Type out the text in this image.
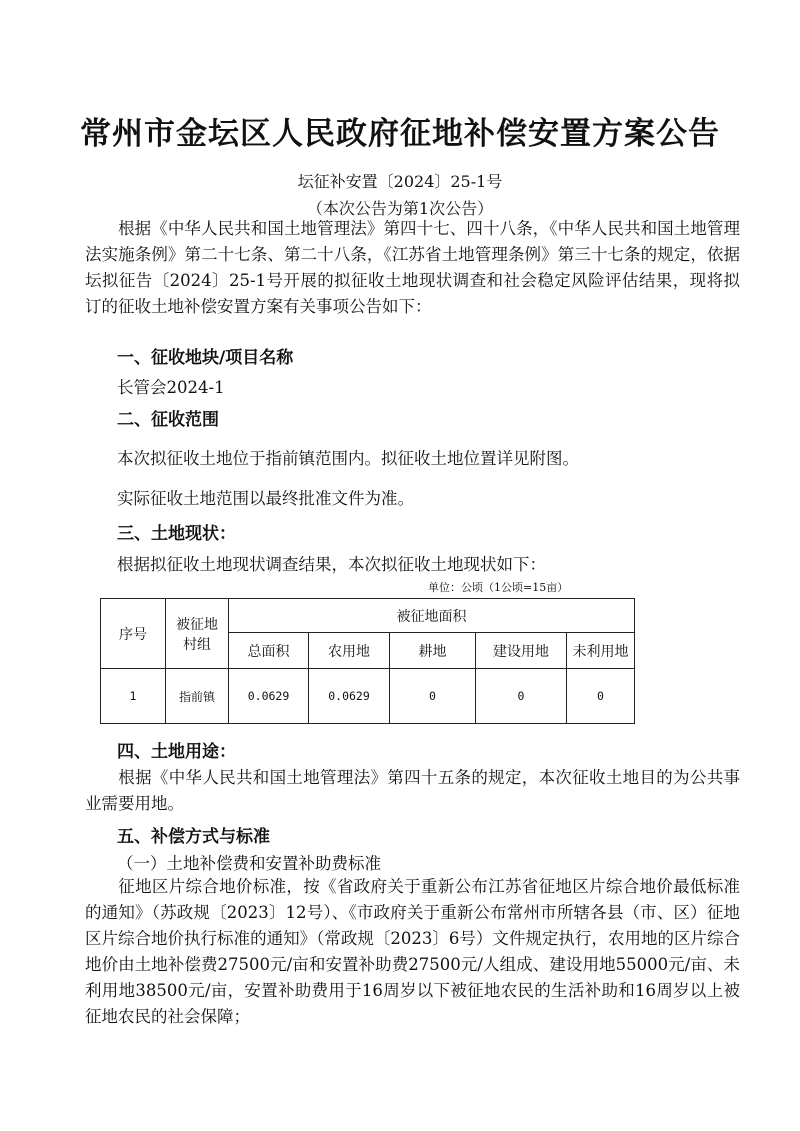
常州市金坛区人民政府征地补偿安置方案公告
坛征补安置〔2024〕25-1号
（本次公告为第1次公告）

根据《中华人民共和国土地管理法》第四十七、四十八条，《中华人民共和国土地管理法实施条例》第二十七条、第二十八条，《江苏省土地管理条例》第三十七条的规定，依据坛拟征告〔2024〕25-1号开展的拟征收土地现状调查和社会稳定风险评估结果，现将拟订的征收土地补偿安置方案有关事项公告如下：

一、征收地块/项目名称
长管会2024-1
二、征收范围
本次拟征收土地位于指前镇范围内。拟征收土地位置详见附图。
实际征收土地范围以最终批准文件为准。
三、土地现状：
根据拟征收土地现状调查结果，本次拟征收土地现状如下：
单位：公顷（1公顷=15亩）
序号	被征地村组	被征地面积				
		总面积	农用地	耕地	建设用地	未利用地
1	指前镇	0.0629	0.0629	0	0	0
四、土地用途：

根据《中华人民共和国土地管理法》第四十五条的规定，本次征收土地目的为公共事业需要用地。

五、补偿方式与标准
（一）土地补偿费和安置补助费标准

征地区片综合地价标准，按《省政府关于重新公布江苏省征地区片综合地价最低标准的通知》（苏政规〔2023〕12号）、《市政府关于重新公布常州市所辖各县（市、区）征地区片综合地价执行标准的通知》（常政规〔2023〕6号）文件规定执行，农用地的区片综合地价由土地补偿费27500元/亩和安置补助费27500元/人组成、建设用地55000元/亩、未利用地38500元/亩，安置补助费用于16周岁以下被征地农民的生活补助和16周岁以上被征地农民的社会保障；
